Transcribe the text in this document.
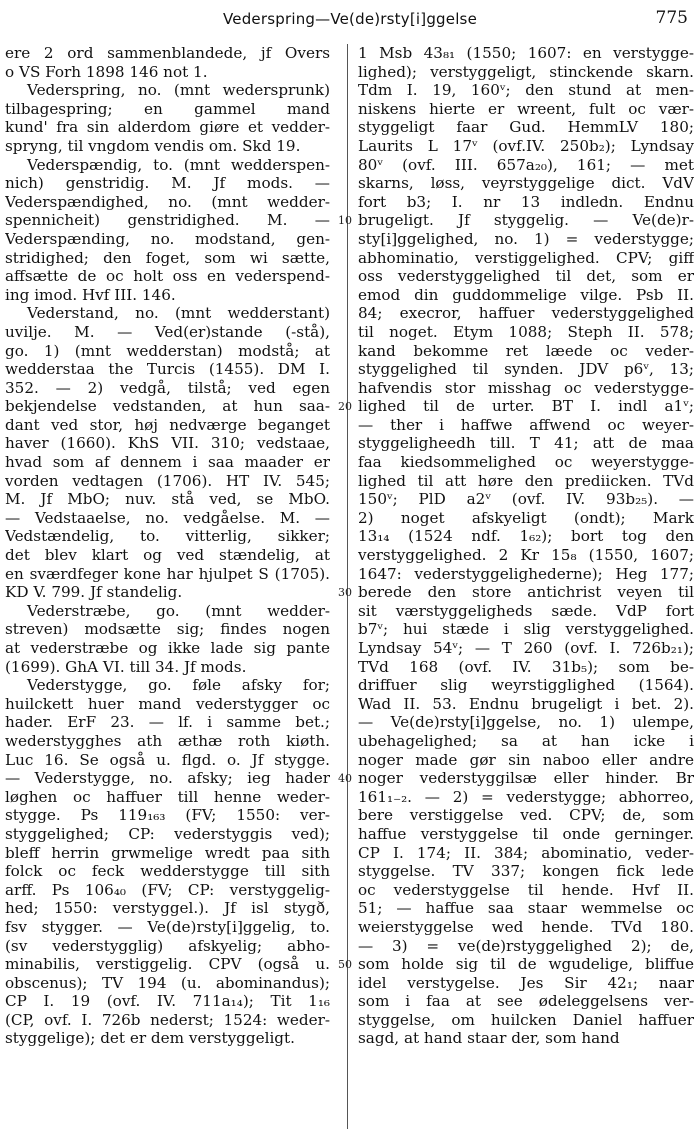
Vederspring—Ve(de)rsty[i]ggelse	775
ere 2 ord sammenblandede, jf Overs
o VS Forh 1898 146 not 1.
Vederspring, no. (mnt wedersprunk)
tilbagespring; en gammel mand
kund' fra sin alderdom giøre et vedder-
spryng, til vngdom vendis om. Skd 19.
Vederspændig, to. (mnt wedderspen-
nich) genstridig. M. Jf mods. —
Vederspændighed, no. (mnt wedder-
spennicheit) genstridighed. M. —
Vederspænding, no. modstand, gen-
stridighed; den foget, som wi sætte,
affsætte de oc holt oss en vederspend-
ing imod. Hvf III. 146.
Vederstand, no. (mnt wedderstant)
uvilje. M. — Ved(er)stande (-stå),
go. 1) (mnt wedderstan) modstå; at
wedderstaa the Turcis (1455). DM I.
352. — 2) vedgå, tilstå; ved egen
bekjendelse vedstanden, at hun saa-
dant ved stor, høj nedværge beganget
haver (1660). KhS VII. 310; vedstaae,
hvad som af dennem i saa maader er
vorden vedtagen (1706). HT IV. 545;
M. Jf MbO; nuv. stå ved, se MbO.
— Vedstaaelse, no. vedgåelse. M. —
Vedstændelig, to. vitterlig, sikker;
det blev klart og ved stændelig, at
en sværdfeger kone har hjulpet S (1705).
KD V. 799. Jf standelig.
Vederstræbe, go. (mnt wedder-
streven) modsætte sig; findes nogen
at vederstræbe og ikke lade sig pante
(1699). GhA VI. till 34. Jf mods.
Vederstygge, go. føle afsky for;
huilckett huer mand vederstygger oc
hader. ErF 23. — lf. i samme bet.;
wederstygghes ath æthæ roth kiøth.
Luc 16. Se også u. flgd. o. Jf stygge.
— Vederstygge, no. afsky; ieg hader
løghen oc haffuer till henne weder-
stygge. Ps 119₁₆₃ (FV; 1550: ver-
styggelighed; CP: vederstyggis ved);
bleff herrin grwmelige wredt paa sith
folck oc feck wedderstygge till sith
arff. Ps 106₄₀ (FV; CP: verstyggelig-
hed; 1550: verstyggel.). Jf isl stygð,
fsv stygger. — Ve(de)rsty[i]ggelig, to.
(sv vederstygglig) afskyelig; abho-
minabilis, verstiggelig. CPV (også u.
obscenus); TV 194 (u. abominandus);
CP I. 19 (ovf. IV. 711a₁₄); Tit 1₁₆
(CP, ovf. I. 726b nederst; 1524: weder-
styggelige); det er dem verstyggeligt.
1 Msb 43₈₁ (1550; 1607: en verstygge-
lighed); verstyggeligt, stinckende skarn.
Tdm I. 19, 160ᵛ; den stund at men-
niskens hierte er wreent, fult oc vær-
styggeligt faar Gud. HemmLV 180;
Laurits L 17ᵛ (ovf.IV. 250b₂); Lyndsay
80ᵛ (ovf. III. 657a₂₀), 161; — met
skarns, løss, veyrstyggelige dict. VdV
fort b3; I. nr 13 indledn. Endnu
brugeligt. Jf styggelig. — Ve(de)r-
sty[i]ggelighed, no. 1) = vederstygge;
abhominatio, verstiggelighed. CPV; giff
oss vederstyggelighed til det, som er
emod din guddommelige vilge. Psb II.
84; execror, haffuer vederstyggelighed
til noget. Etym 1088; Steph II. 578;
kand bekomme ret læede oc veder-
styggelighed til synden. JDV p6ᵛ, 13;
hafvendis stor misshag oc vederstygge-
lighed til de urter. BT I. indl a1ᵛ;
— ther i haffwe affwend oc weyer-
styggeligheedh till. T 41; att de maa
faa kiedsommelighed oc weyerstygge-
lighed til att høre den prediicken. TVd
150ᵛ; PlD a2ᵛ (ovf. IV. 93b₂₅). —
2) noget afskyeligt (ondt); Mark
13₁₄ (1524 ndf. 1₆₂); bort tog den
verstyggelighed. 2 Kr 15₈ (1550, 1607;
1647: vederstyggelighederne); Heg 177;
berede den store antichrist veyen til
sit værstyggeligheds sæde. VdP fort
b7ᵛ; hui stæde i slig verstyggelighed.
Lyndsay 54ᵛ; — T 260 (ovf. I. 726b₂₁);
TVd 168 (ovf. IV. 31b₅); som be-
driffuer slig weyrstigglighed (1564).
Wad II. 53. Endnu brugeligt i bet. 2).
— Ve(de)rsty[i]ggelse, no. 1) ulempe,
ubehagelighed; sa at han icke i
noger made gør sin naboo eller andre
noger vederstyggilsæ eller hinder. Br
161₁₋₂. — 2) = vederstygge; abhorreo,
bere verstiggelse ved. CPV; de, som
haffue verstyggelse til onde gerninger.
CP I. 174; II. 384; abominatio, veder-
styggelse. TV 337; kongen fick lede
oc vederstyggelse til hende. Hvf II.
51; — haffue saa staar wemmelse oc
weierstyggelse wed hende. TVd 180.
— 3) = ve(de)rstyggelighed 2); de,
som holde sig til de wgudelige, bliffue
idel verstygelse. Jes Sir 42₁; naar
som i faa at see ødeleggelsens ver-
styggelse, om huilcken Daniel haffuer
sagd, at hand staar der, som hand
10
20
30
40
50
